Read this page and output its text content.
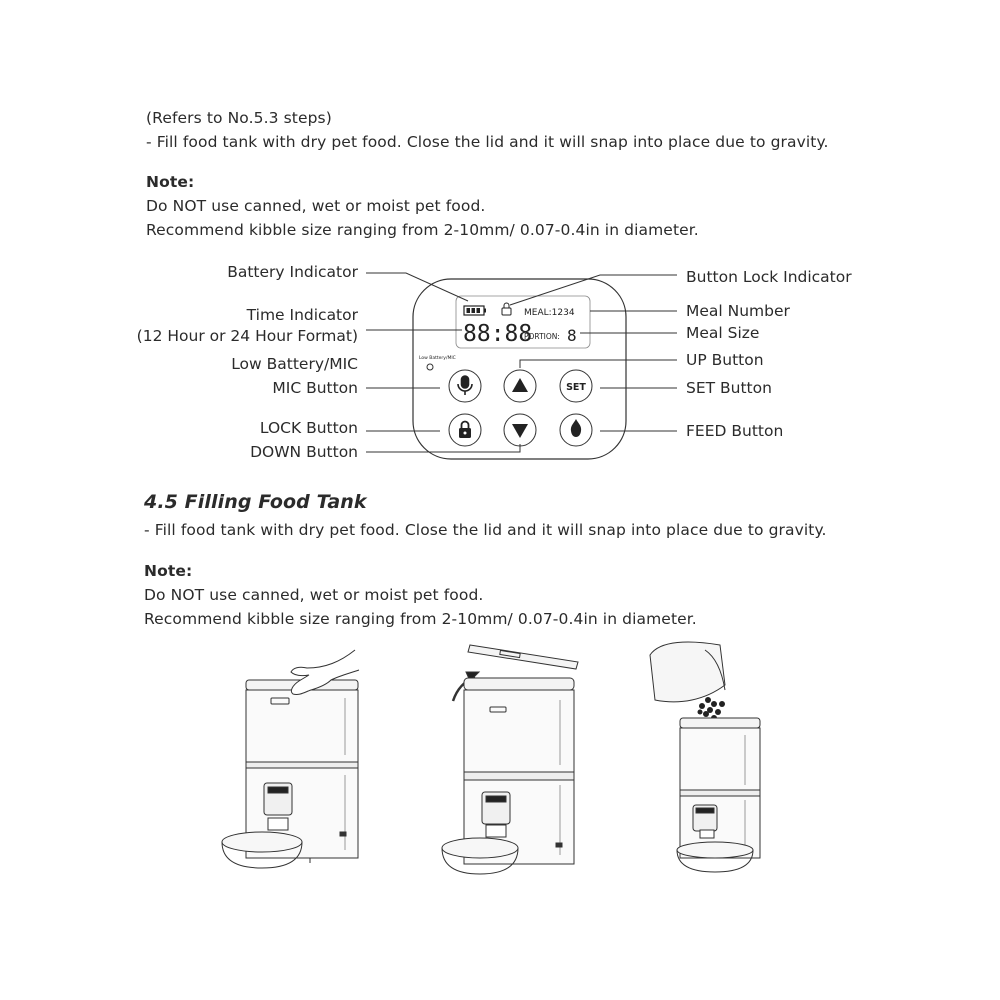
(Refers to No.5.3 steps)
- Fill food tank with dry pet food. Close the lid and it will snap into place due to gravity.
Note:
Do NOT use canned, wet or moist pet food.
Recommend kibble size ranging from 2-10mm/ 0.07-0.4in in diameter.
MEAL:1234
88:88
PORTION: 8
Low Battery/MIC
SET
Battery Indicator
Time Indicator
(12 Hour or 24 Hour Format)
Low Battery/MIC
MIC Button
LOCK Button
DOWN Button
Button Lock Indicator
Meal Number
Meal Size
UP Button
SET Button
FEED Button
4.5 Filling Food Tank
- Fill food tank with dry pet food. Close the lid and it will snap into place due to gravity.
Note:
Do NOT use canned, wet or moist pet food.
Recommend kibble size ranging from 2-10mm/ 0.07-0.4in in diameter.
